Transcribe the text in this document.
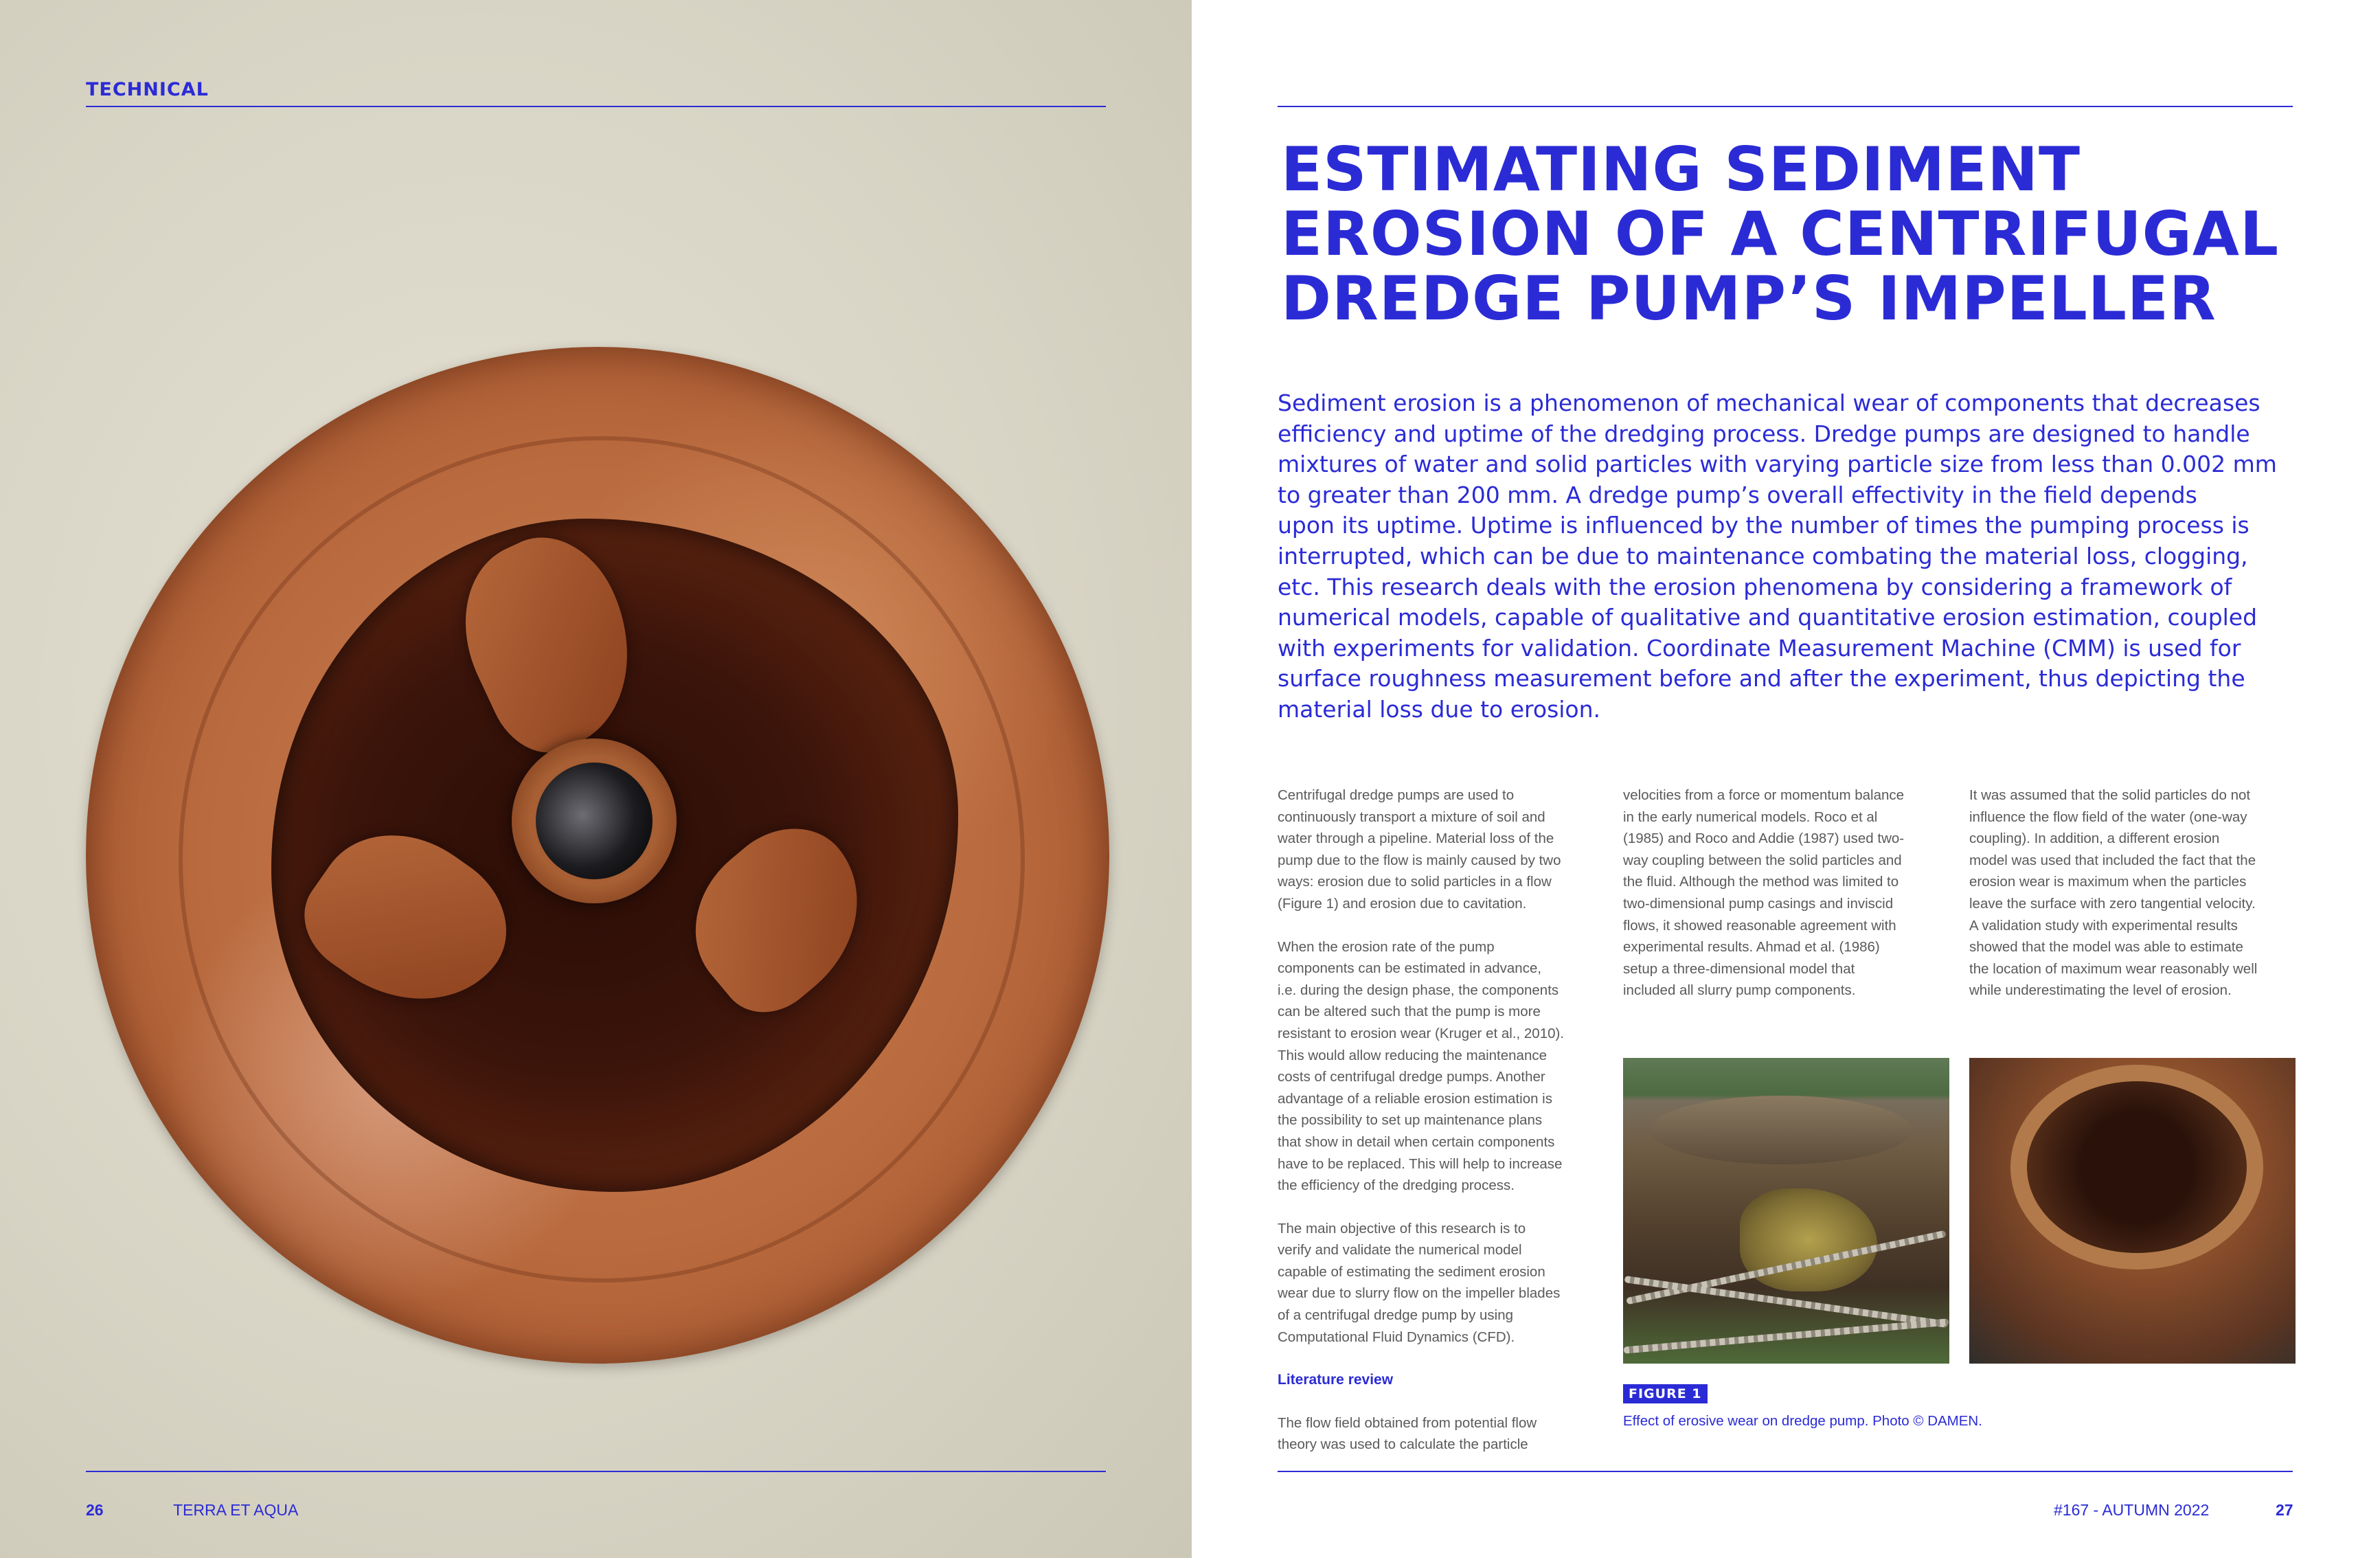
TECHNICAL
26	TERRA ET AQUA
ESTIMATING SEDIMENT
EROSION OF A CENTRIFUGAL
DREDGE PUMP’S IMPELLER

Sediment erosion is a phenomenon of mechanical wear of components that decreases
efficiency and uptime of the dredging process. Dredge pumps are designed to handle
mixtures of water and solid particles with varying particle size from less than 0.002 mm
to greater than 200 mm. A dredge pump’s overall effectivity in the field depends
upon its uptime. Uptime is influenced by the number of times the pumping process is
interrupted, which can be due to maintenance combating the material loss, clogging,
etc. This research deals with the erosion phenomena by considering a framework of
numerical models, capable of qualitative and quantitative erosion estimation, coupled
with experiments for validation. Coordinate Measurement Machine (CMM) is used for
surface roughness measurement before and after the experiment, thus depicting the
material loss due to erosion.

Centrifugal dredge pumps are used to
continuously transport a mixture of soil and
water through a pipeline. Material loss of the
pump due to the flow is mainly caused by two
ways: erosion due to solid particles in a flow
(Figure 1) and erosion due to cavitation.

When the erosion rate of the pump
components can be estimated in advance,
i.e. during the design phase, the components
can be altered such that the pump is more
resistant to erosion wear (Kruger et al., 2010).
This would allow reducing the maintenance
costs of centrifugal dredge pumps. Another
advantage of a reliable erosion estimation is
the possibility to set up maintenance plans
that show in detail when certain components
have to be replaced. This will help to increase
the efficiency of the dredging process.

The main objective of this research is to
verify and validate the numerical model
capable of estimating the sediment erosion
wear due to slurry flow on the impeller blades
of a centrifugal dredge pump by using
Computational Fluid Dynamics (CFD).

Literature review

The flow field obtained from potential flow
theory was used to calculate the particle

velocities from a force or momentum balance
in the early numerical models. Roco et al
(1985) and Roco and Addie (1987) used two-
way coupling between the solid particles and
the fluid. Although the method was limited to
two-dimensional pump casings and inviscid
flows, it showed reasonable agreement with
experimental results. Ahmad et al. (1986)
setup a three-dimensional model that
included all slurry pump components.

It was assumed that the solid particles do not
influence the flow field of the water (one-way
coupling). In addition, a different erosion
model was used that included the fact that the
erosion wear is maximum when the particles
leave the surface with zero tangential velocity.
A validation study with experimental results
showed that the model was able to estimate
the location of maximum wear reasonably well
while underestimating the level of erosion.

FIGURE 1
Effect of erosive wear on dredge pump. Photo © DAMEN.
#167 - AUTUMN 2022	27
